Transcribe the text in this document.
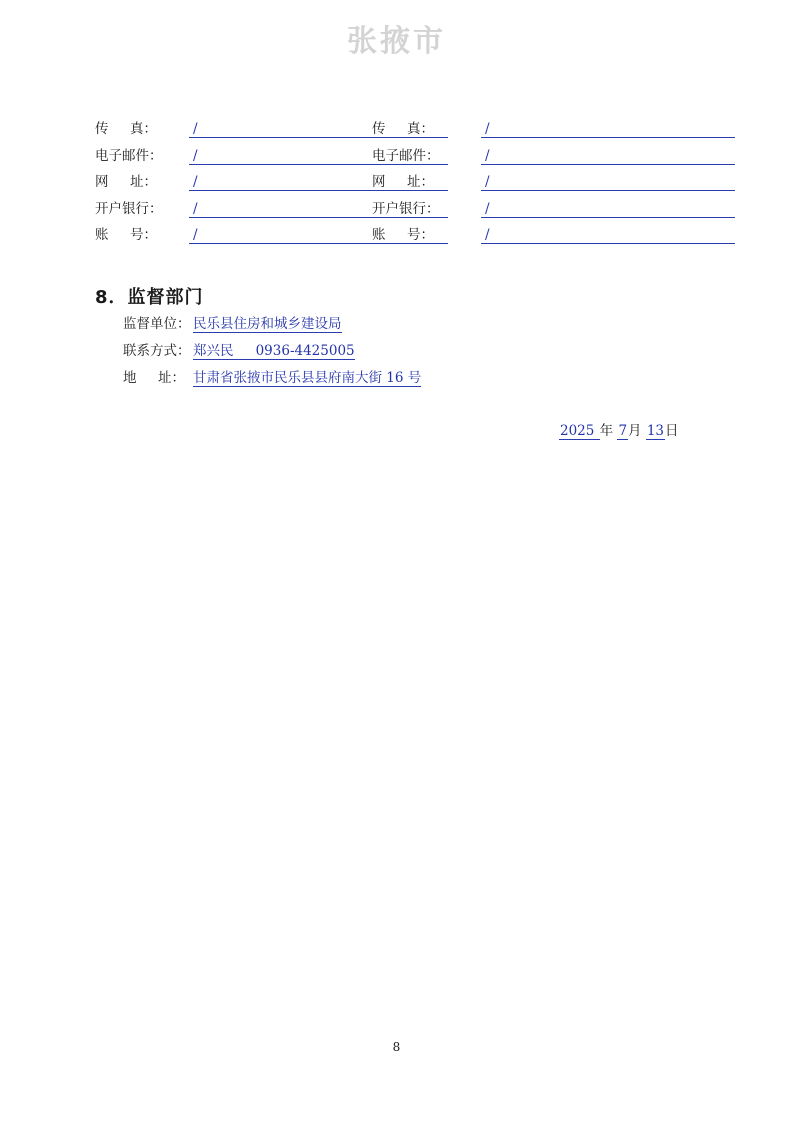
张掖市
传 真：	/	传 真：	/
电子邮件： /	电子邮件：	/
网 址：	/	网 址：	/
开户银行： /	开户银行：	/
账 号：	/	账 号：	/
8．监督部门
监督单位： 民乐县住房和城乡建设局
联系方式： 郑兴民　  0936-4425005
地 址： 甘肃省张掖市民乐县县府南大街 16 号
2025 年 7月 13日
8
